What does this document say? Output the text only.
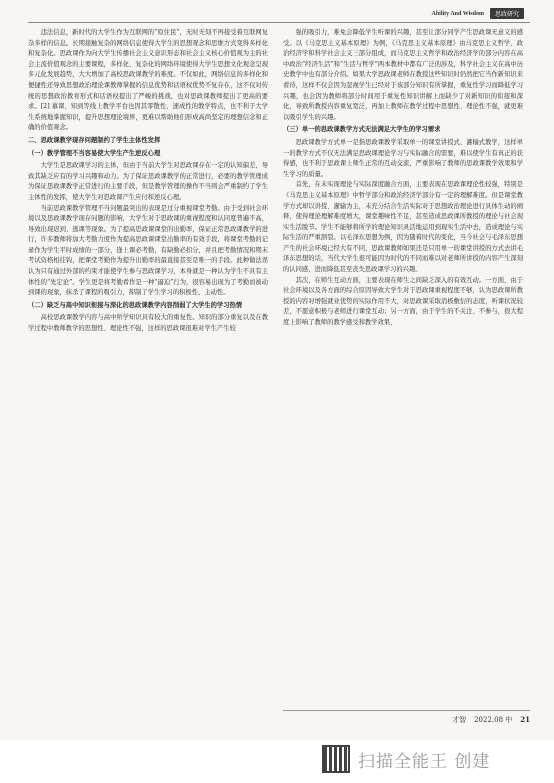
Ability And Wisdom	思政研究

违法信息，新时代的大学生作为互联网的“原住民”，无时无刻不再接受着互联网复杂多样的信息。长期接触复杂的网络信息使得大学生的思想观念和思维方式变得多样化和复杂化。思政课作为向大学生传播社会主义意识形态和社会主义核心价值观为主的社会主流价值观念的主要课程，多样化、复杂化的网络环境使得大学生思想文化观念呈现多元化发展趋势，大大增加了高校思政课教学的难度。不仅如此，网络信息的多样化和便捷性还导致思想政治理论课教师掌握的信息优势和话语权优势不复存在，这不仅对传统的思想政治教育形式和话语权提出了严峻的挑战，也对思政课教师提出了更高的要求。[2] 慕课、知到等线上教学平台也因其零散性、速成性的教学特点，也不利于大学生系统地掌握知识，提升思想理论境界，更难以帮助他们形成高尚坚定的理想信念和正确的价值观念。

二、思政课教学现存问题制约了学生主体性发挥

（一）教学管理不当容易使大学生产生逆反心理

大学生是思政课学习的主体，但由于当前大学生对思政课存在一定的认知偏差，导致其缺乏应有的学习兴趣和动力。为了保证思政课教学的正常进行，必要的教学管理成为保证思政课教学正常进行的主要手段，但是教学管理的操作不当则会严重制约了学生主体性的发挥，使大学生对思政课产生应付和逆反心理。

当前思政课教学管理不当问题最突出的表现是过分重视课堂考勤。由于受到社会环境以及思政课教学现存问题的影响，大学生对于思政课的重视程度和认同度普遍不高，导致出现迟到、逃课等现象。为了提高思政课课堂的出勤率，保证正常思政课教学的进行，许多教师将加大考勤力度作为提高思政课课堂出勤率的有效手段，将课堂考勤的记录作为学生平时成绩的一部分，逢上课必考勤，有缺勤必扣分，并且把考勤情况和期末考试资格相挂钩，把课堂考勤作为提升出勤率的最直接甚至是唯一的手段。此种做法误认为只有通过外部的约束才能使学生参与思政课学习，本身就是一种认为学生不具有主体性的“先定论”。学生更是将考勤看作是一种“逼迫”行为，很容易出现为了考勤而被动到课的现象，抹杀了课程的吸引力，抑制了学生学习的积极性、主动性。

（二）缺乏与高中知识衔接与深化的思政课教学内容削弱了大学生的学习热情

高校思政课教学内容与高中所学知识具有较大的重复性。知识的部分重复以及在教学过程中教师教学的思想性、理论性不强，这样的思政课很难对学生产生较

强的吸引力，难免会降低学生听课的兴趣，甚至让部分同学产生思政课无意义的感受。以《马克思主义基本原理》为例，《马克思主义基本原理》由马克思主义哲学、政治经济学和科学社会主义三部分组成，而马克思主义哲学和政治经济学的部分内容在高中政治“经济生活”和“生活与哲学”两本教材中都有广泛的涉及，科学社会主义在高中历史教学中也有部分介绍。如果大学思政课老师在教授这些知识时仍然把它当作新知识来看待，这样不仅会因为忽视学生已经对于该部分知识有所掌握，重复性学习而降低学习兴趣，也会因为教师将部分时间用于重复性知识讲解上而缺少了对新知识的衔接和深化，导致所教授内容重复宽泛，再加上教师在教学过程中思想性、理论性不强，就更难以吸引学生的兴趣。

（三）单一的思政课教学方式无法满足大学生的学习需求

思政课教学方式单一是指思政课教学采取单一的课堂讲授式、灌输式教学，这样单一的教学方式不仅无法满足思政课理论学习与实际融合的需要，难以使学生有真正的获得感，也不利于思政课上师生正常的互动交流，严重影响了教师的思政课教学效果和学生学习的质量。

首先，在未实现理论与实际深度融合方面，主要表现在思政课理论性较强，特别是《马克思主义基本原理》中哲学部分和政治经济学部分有一定的理解难度。但是课堂教学方式却以讲授、灌输为主，未充分结合生活实际对于思想政治理论进行具体生动的阐释，使得理论理解难度增大，课堂趣味性不足，甚至造成思政课所教授的理论与社会现实生活脱节。学生不能够将所学的理论知识灵活地运用到现实生活中去，造成理论与实际生活的严重割裂。以毛泽东思想为例，因为随着时代的变化，当今社会与毛泽东思想产生的社会环境已经大有不同，思政课教师如果还是只用单一的课堂讲授的方式去讲毛泽东思想的话，当代大学生很可能因为时代的不同而难以对老师所讲授的内容产生深刻的认同感，进而降低甚至丧失思政课学习的兴趣。

其次，在师生互动方面，主要表现在师生之间缺乏深入的有效互动。一方面，由于社会环境以及各方面的综合原因导致大学生对于思政课重视程度不够，认为思政课所教授的内容对增强就业优势的实际作用不大，对思政课采取消极敷衍的态度，听课状况较差，不愿意积极与老师进行课堂互动；另一方面，由于学生的不关注、不参与，很大程度上影响了教师的教学感受和教学效果，

才智 2022.08 中 21
扫描全能王 创建
